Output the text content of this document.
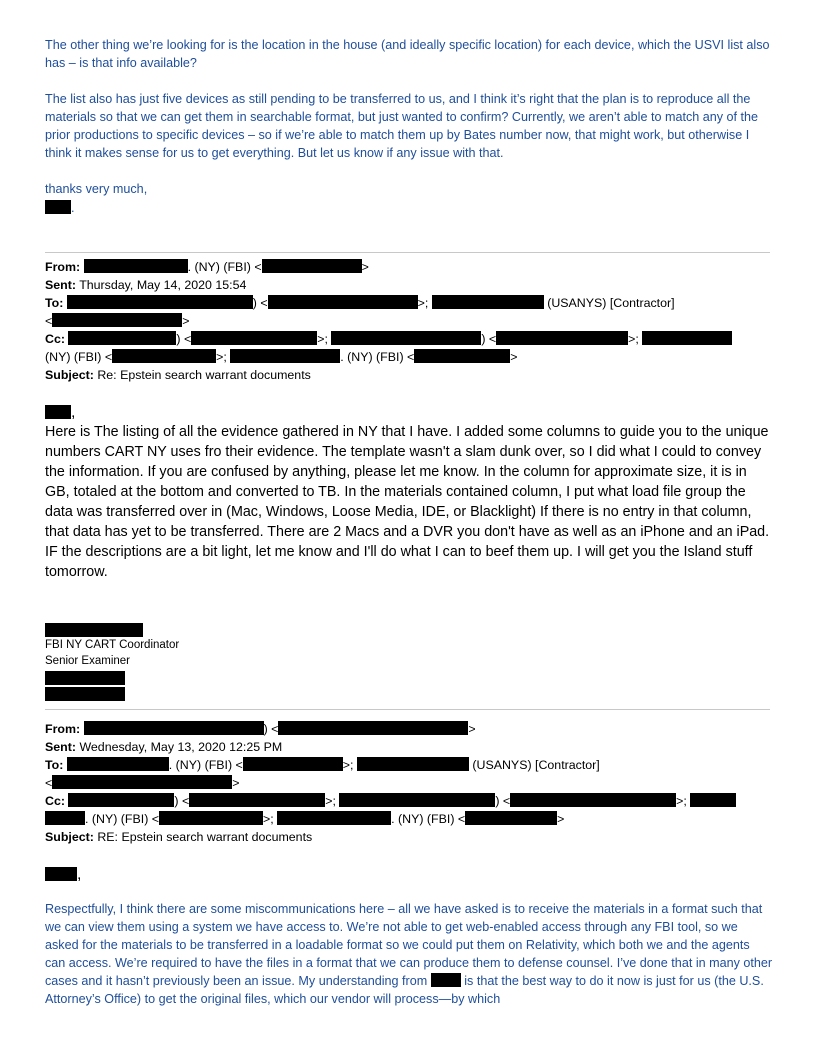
The other thing we’re looking for is the location in the house (and ideally specific location) for each device, which the USVI list also has – is that info available?

The list also has just five devices as still pending to be transferred to us, and I think it’s right that the plan is to reproduce all the materials so that we can get them in searchable format, but just wanted to confirm? Currently, we aren’t able to match any of the prior productions to specific devices – so if we’re able to match them up by Bates number now, that might work, but otherwise I think it makes sense for us to get everything. But let us know if any issue with that.

thanks very much,

.
From:	. (NY) (FBI) <	>
Sent: Thursday, May 14, 2020 15:54
To:	) <	>;	(USANYS) [Contractor]
<	>
Cc:	) <	>;	) <	>;
(NY) (FBI) <	>;	. (NY) (FBI) <	>
Subject: Re: Epstein search warrant documents
,

Here is The listing of all the evidence gathered in NY that I have. I added some columns to guide you to the unique numbers CART NY uses fro their evidence. The template wasn't a slam dunk over, so I did what I could to convey the information. If you are confused by anything, please let me know. In the column for approximate size, it is in GB, totaled at the bottom and converted to TB. In the materials contained column, I put what load file group the data was transferred over in (Mac, Windows, Loose Media, IDE, or Blacklight) If there is no entry in that column, that data has yet to be transferred. There are 2 Macs and a DVR you don't have as well as an iPhone and an iPad. IF the descriptions are a bit light, let me know and I'll do what I can to beef them up. I will get you the Island stuff tomorrow.

FBI NY CART Coordinator
Senior Examiner
From:	) <	>
Sent: Wednesday, May 13, 2020 12:25 PM
To:	. (NY) (FBI) <	>;	(USANYS) [Contractor]
<	>
Cc:	) <	>;	) <	>;
. (NY) (FBI) <	>;	. (NY) (FBI) <	>
Subject: RE: Epstein search warrant documents
,

Respectfully, I think there are some miscommunications here – all we have asked is to receive the materials in a format such that we can view them using a system we have access to. We’re not able to get web-enabled access through any FBI tool, so we asked for the materials to be transferred in a loadable format so we could put them on Relativity, which both we and the agents can access. We’re required to have the files in a format that we can produce them to defense counsel. I’ve done that in many other cases and it hasn’t previously been an issue. My understanding from	is that the best way to do it now is just for us (the U.S. Attorney’s Office) to get the original files, which our vendor will process—by which
